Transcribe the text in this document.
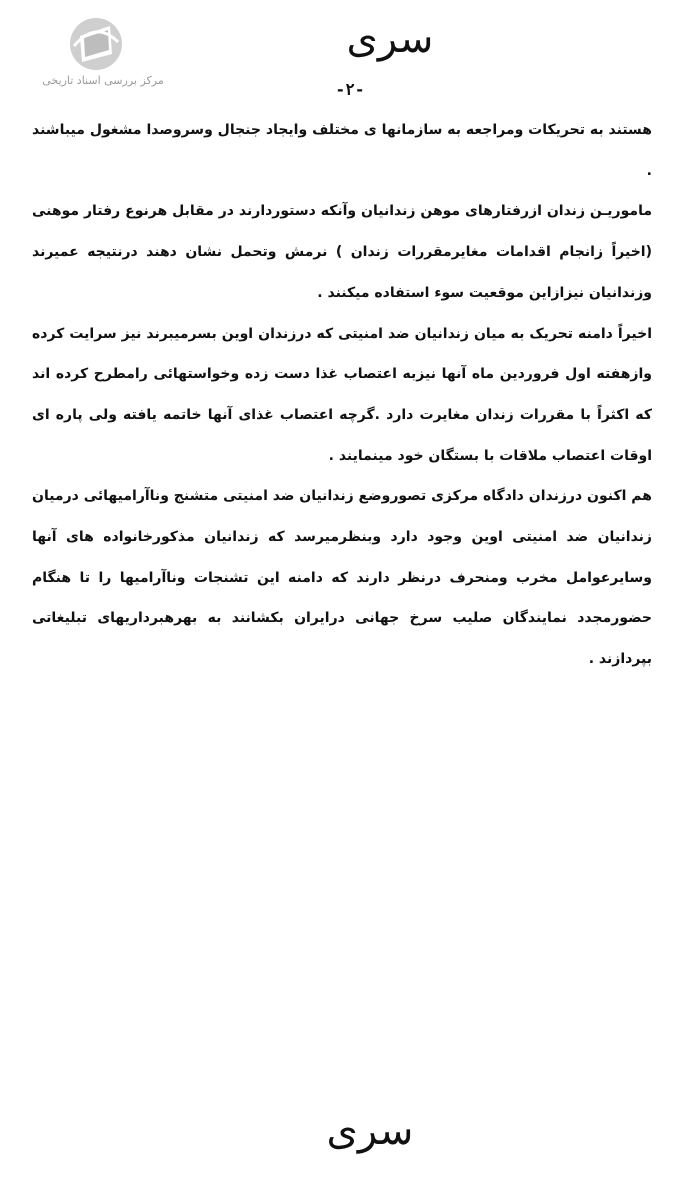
مرکز بررسی اسناد تاریخی
سرى
-۲-

هستند به تحریکات ومراجعه به سازمانها ی مختلف وایجاد جنجال وسروصدا مشغول میباشند .

ماموریـن زندان ازرفتارهای موهن زندانیان وآنکه دستوردارند در مقابل هرنوع رفتار موهنی (اخیراً زانجام اقدامات مغایرمقررات زندان ) نرمش وتحمل نشان دهند درنتیجه عمیرند وزندانیان نیزازاین موقعیت سوء استفاده میکنند .

اخیراً دامنه تحریک به میان زندانیان ضد امنیتی که درزندان اوین بسرمیبرند نیز سرایت کرده وازهفته اول فروردین ماه آنها نیزبه اعتصاب غذا دست زده وخواستهائی رامطرح کرده اند که اکثراً با مقررات زندان مغایرت دارد .گرچه اعتصاب غذای آنها خاتمه یافته ولی پاره ای اوقات اعتصاب ملاقات با بستگان خود مینمایند .

هم اکنون درزندان دادگاه مرکزی تصوروضع زندانیان ضد امنیتی متشنج وناآرامیهائی درمیان زندانیان ضد امنیتی اوین وجود دارد وبنظرمیرسد که زندانیان مذکورخانواده های آنها وسایرعوامل مخرب ومنحرف درنظر دارند که دامنه این تشنجات وناآرامیها را تا هنگام حضورمجدد نمایندگان صلیب سرخ جهانی درایران بکشانند به بهرهبرداریهای تبلیغاتی بپردازند .

سرى
